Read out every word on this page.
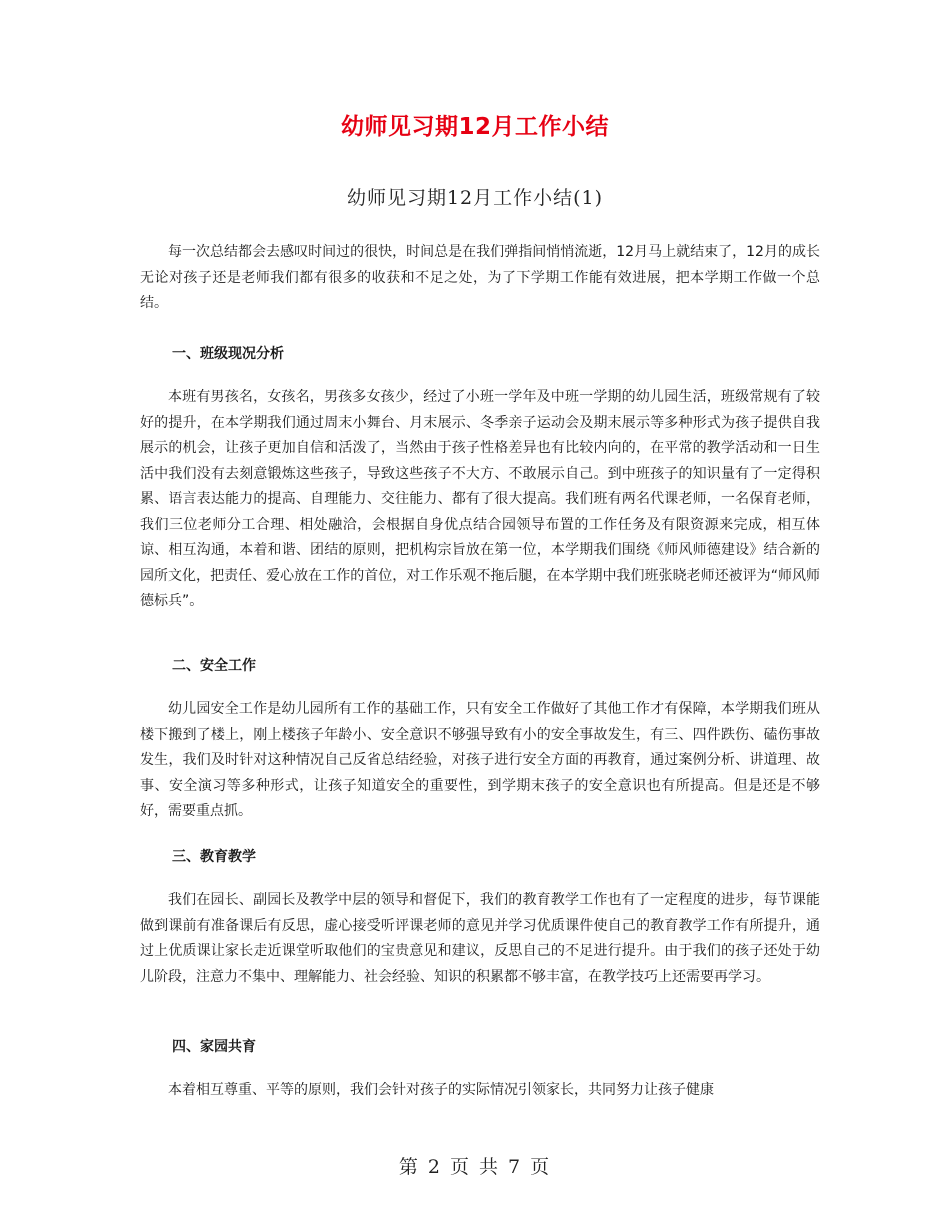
幼师见习期12月工作小结
幼师见习期12月工作小结(1)
每一次总结都会去感叹时间过的很快，时间总是在我们弹指间悄悄流逝，12月马上就结束了，12月的成长无论对孩子还是老师我们都有很多的收获和不足之处，为了下学期工作能有效进展，把本学期工作做一个总结。
一、班级现况分析
本班有男孩名，女孩名，男孩多女孩少，经过了小班一学年及中班一学期的幼儿园生活，班级常规有了较好的提升，在本学期我们通过周末小舞台、月末展示、冬季亲子运动会及期末展示等多种形式为孩子提供自我展示的机会，让孩子更加自信和活泼了，当然由于孩子性格差异也有比较内向的，在平常的教学活动和一日生活中我们没有去刻意锻炼这些孩子，导致这些孩子不大方、不敢展示自己。到中班孩子的知识量有了一定得积累、语言表达能力的提高、自理能力、交往能力、都有了很大提高。我们班有两名代课老师，一名保育老师，我们三位老师分工合理、相处融洽，会根据自身优点结合园领导布置的工作任务及有限资源来完成，相互体谅、相互沟通，本着和谐、团结的原则，把机构宗旨放在第一位，本学期我们围绕《师风师德建设》结合新的园所文化，把责任、爱心放在工作的首位，对工作乐观不拖后腿，在本学期中我们班张晓老师还被评为“师风师德标兵”。
二、安全工作
幼儿园安全工作是幼儿园所有工作的基础工作，只有安全工作做好了其他工作才有保障，本学期我们班从楼下搬到了楼上，刚上楼孩子年龄小、安全意识不够强导致有小的安全事故发生，有三、四件跌伤、磕伤事故发生，我们及时针对这种情况自己反省总结经验，对孩子进行安全方面的再教育，通过案例分析、讲道理、故事、安全演习等多种形式，让孩子知道安全的重要性，到学期末孩子的安全意识也有所提高。但是还是不够好，需要重点抓。
三、教育教学
我们在园长、副园长及教学中层的领导和督促下，我们的教育教学工作也有了一定程度的进步，每节课能做到课前有准备课后有反思，虚心接受听评课老师的意见并学习优质课件使自己的教育教学工作有所提升，通过上优质课让家长走近课堂听取他们的宝贵意见和建议，反思自己的不足进行提升。由于我们的孩子还处于幼儿阶段，注意力不集中、理解能力、社会经验、知识的积累都不够丰富，在教学技巧上还需要再学习。
四、家园共育
本着相互尊重、平等的原则，我们会针对孩子的实际情况引领家长，共同努力让孩子健康
第 2 页 共 7 页
